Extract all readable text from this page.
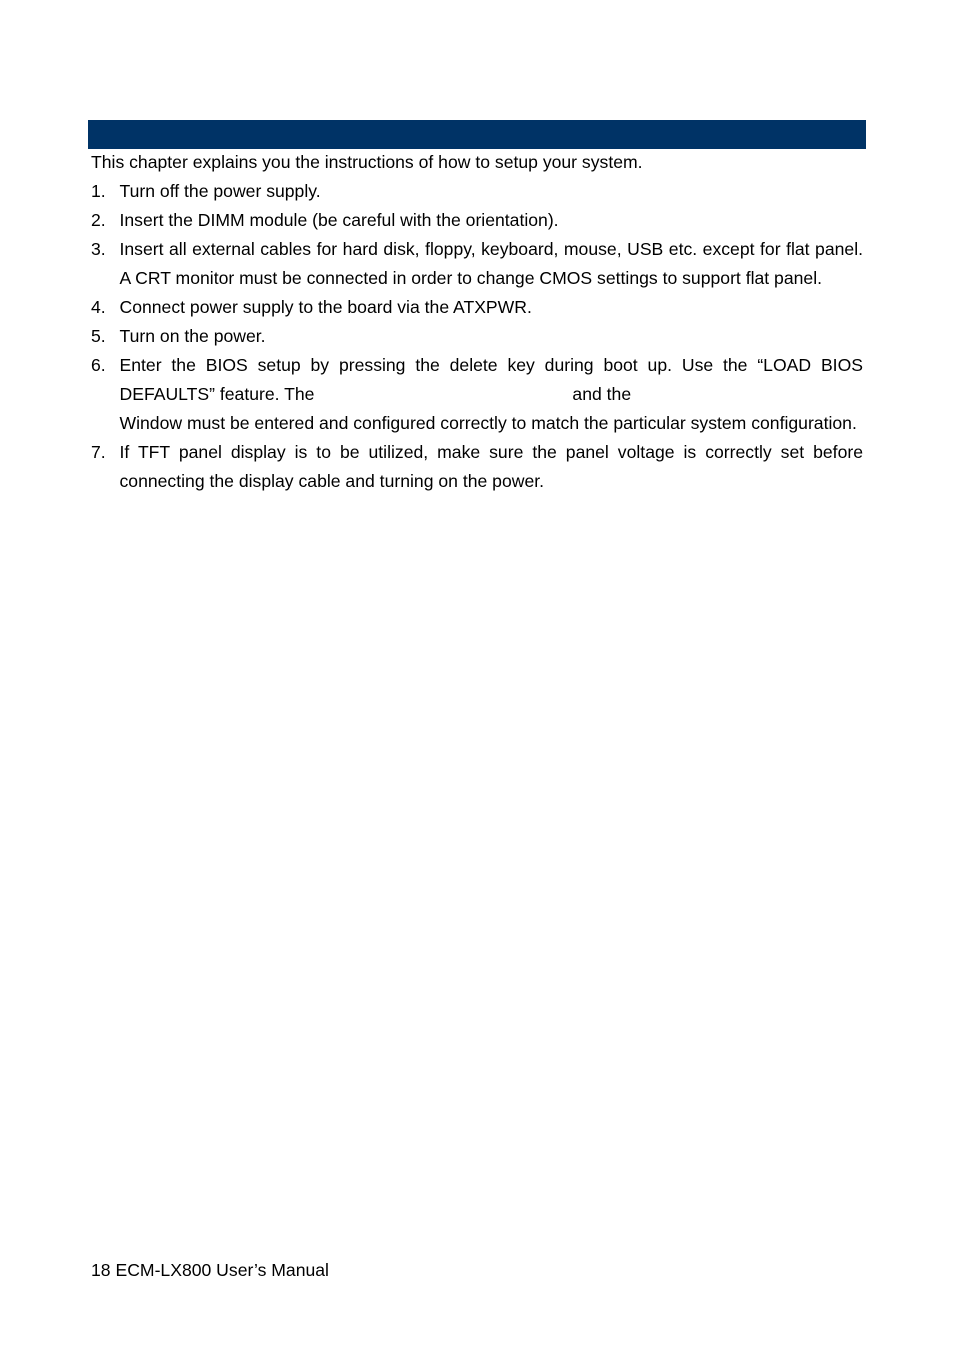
This chapter explains you the instructions of how to setup your system.

1. Turn off the power supply.
2. Insert the DIMM module (be careful with the orientation).
3. Insert all external cables for hard disk, floppy, keyboard, mouse, USB etc. except for flat panel. A CRT monitor must be connected in order to change CMOS settings to support flat panel.
4. Connect power supply to the board via the ATXPWR.
5. Turn on the power.
6. Enter the BIOS setup by pressing the delete key during boot up. Use the “LOAD BIOS DEFAULTS” feature. The	and the
Window must be entered and configured correctly to match the particular system configuration.
7. If TFT panel display is to be utilized, make sure the panel voltage is correctly set before connecting the display cable and turning on the power.
18 ECM-LX800 User’s Manual
